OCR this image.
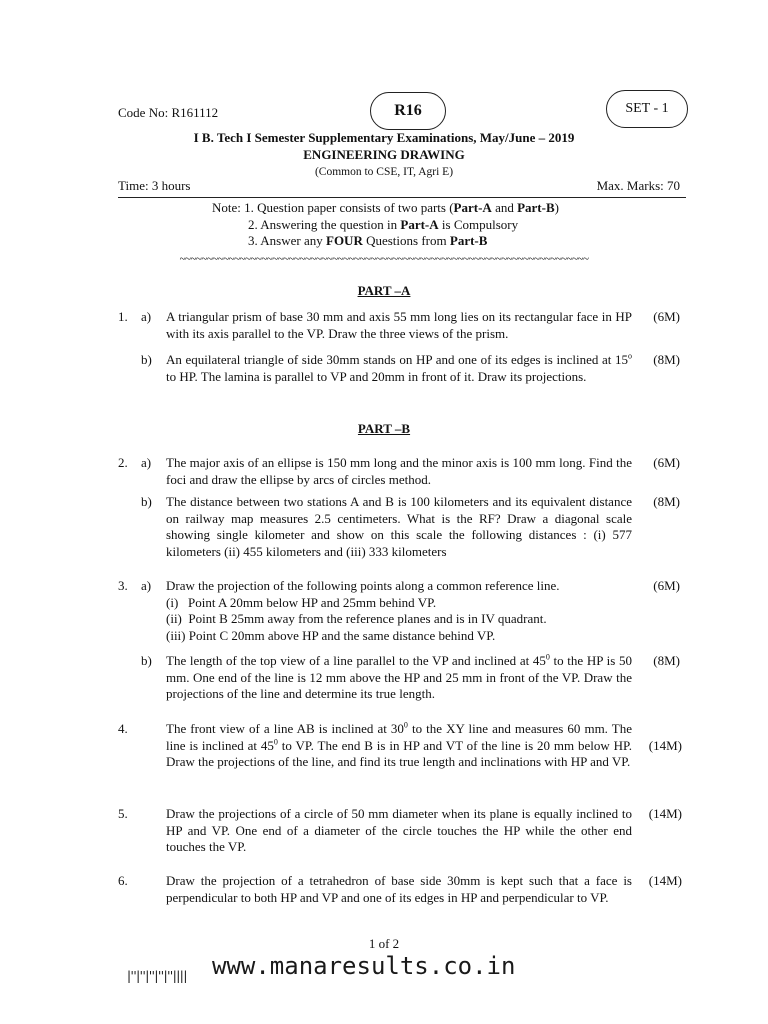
Code No: R161112	R16	SET - 1
I B. Tech I Semester Supplementary Examinations, May/June – 2019
ENGINEERING DRAWING
(Common to CSE, IT, Agri E)
Time: 3 hours	Max. Marks: 70
Note: 1. Question paper consists of two parts (Part-A and Part-B)
2. Answering the question in Part-A is Compulsory
3. Answer any FOUR Questions from Part-B
~~~~~~~~~~~~~~~~~~~~~~~~~~~~~~~~~~~~~~~~~~~~~~~~~~~~~~~~~~~~~~~~~~~~~~~~~~~
PART –A
1.	a)	A triangular prism of base 30 mm and axis 55 mm long lies on its rectangular face in HP with its axis parallel to the VP. Draw the three views of the prism.
(6M)
b)	An equilateral triangle of side 30mm stands on HP and one of its edges is inclined at 15$^o$ to HP. The lamina is parallel to VP and 20mm in front of it. Draw its projections.
(8M)
PART –B
2.	a)	The major axis of an ellipse is 150 mm long and the minor axis is 100 mm long. Find the foci and draw the ellipse by arcs of circles method.
(6M)
b)	The distance between two stations A and B is 100 kilometers and its equivalent distance on railway map measures 2.5 centimeters. What is the RF? Draw a diagonal scale showing single kilometer and show on this scale the following distances : (i) 577 kilometers (ii) 455 kilometers and (iii) 333 kilometers
(8M)
3.	a)	Draw the projection of the following points along a common reference line.
(i)   Point A 20mm below HP and 25mm behind VP.
(ii)  Point B 25mm away from the reference planes and is in IV quadrant.
(iii) Point C 20mm above HP and the same distance behind VP.
(6M)
b)	The length of the top view of a line parallel to the VP and inclined at $45^0$ to the HP is 50 mm. One end of the line is 12 mm above the HP and 25 mm in front of the VP. Draw the projections of the line and determine its true length.
(8M)
4.	The front view of a line AB is inclined at $30^0$ to the XY line and measures 60 mm. The line is inclined at $45^0$ to VP. The end B is in HP and VT of the line is 20 mm below HP. Draw the projections of the line, and find its true length and inclinations with HP and VP.
(14M)
5.	Draw the projections of a circle of 50 mm diameter when its plane is equally inclined to HP and VP. One end of a diameter of the circle touches the HP while the other end touches the VP.
(14M)
6.	Draw the projection of a tetrahedron of base side 30mm is kept such that a face is perpendicular to both HP and VP and one of its edges in HP and perpendicular to VP.
(14M)
1 of 2
|''|''|''|''|''|||| www.manaresults.co.in
